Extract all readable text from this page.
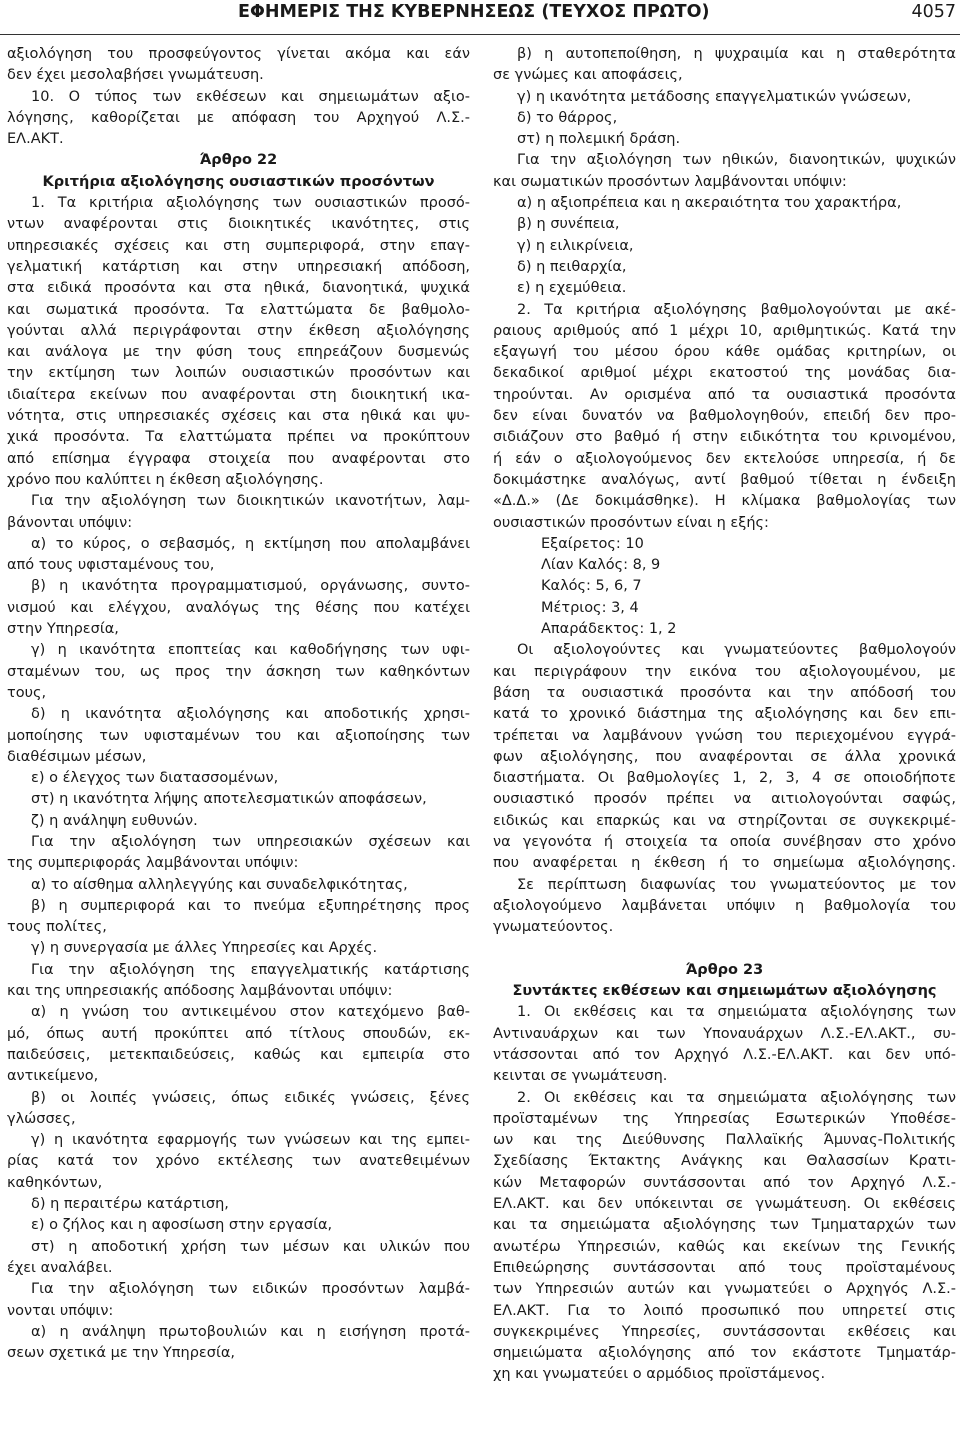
ΕΦΗΜΕΡΙΣ ΤΗΣ ΚΥΒΕΡΝΗΣΕΩΣ (ΤΕΥΧΟΣ ΠΡΩΤΟ)	4057
αξιολόγηση του προσφεύγοντος γίνεται ακόμα και εάν
δεν έχει μεσολαβήσει γνωμάτευση.
10. Ο τύπος των εκθέσεων και σημειωμάτων αξιο-
λόγησης, καθορίζεται με απόφαση του Αρχηγού Λ.Σ.-
ΕΛ.ΑΚΤ.
Άρθρο 22
Κριτήρια αξιολόγησης ουσιαστικών προσόντων
1. Τα κριτήρια αξιολόγησης των ουσιαστικών προσό-
ντων αναφέρονται στις διοικητικές ικανότητες, στις
υπηρεσιακές σχέσεις και στη συμπεριφορά, στην επαγ-
γελματική κατάρτιση και στην υπηρεσιακή απόδοση,
στα ειδικά προσόντα και στα ηθικά, διανοητικά, ψυχικά
και σωματικά προσόντα. Τα ελαττώματα δε βαθμολο-
γούνται αλλά περιγράφονται στην έκθεση αξιολόγησης
και ανάλογα με την φύση τους επηρεάζουν δυσμενώς
την εκτίμηση των λοιπών ουσιαστικών προσόντων και
ιδιαίτερα εκείνων που αναφέρονται στη διοικητική ικα-
νότητα, στις υπηρεσιακές σχέσεις και στα ηθικά και ψυ-
χικά προσόντα. Τα ελαττώματα πρέπει να προκύπτουν
από επίσημα έγγραφα στοιχεία που αναφέρονται στο
χρόνο που καλύπτει η έκθεση αξιολόγησης.
Για την αξιολόγηση των διοικητικών ικανοτήτων, λαμ-
βάνονται υπόψιν:
α) το κύρος, ο σεβασμός, η εκτίμηση που απολαμβάνει
από τους υφισταμένους του,
β) η ικανότητα προγραμματισμού, οργάνωσης, συντο-
νισμού και ελέγχου, αναλόγως της θέσης που κατέχει
στην Υπηρεσία,
γ) η ικανότητα εποπτείας και καθοδήγησης των υφι-
σταμένων του, ως προς την άσκηση των καθηκόντων
τους,
δ) η ικανότητα αξιολόγησης και αποδοτικής χρησι-
μοποίησης των υφισταμένων του και αξιοποίησης των
διαθέσιμων μέσων,
ε) ο έλεγχος των διατασσομένων,
στ) η ικανότητα λήψης αποτελεσματικών αποφάσεων,
ζ) η ανάληψη ευθυνών.
Για την αξιολόγηση των υπηρεσιακών σχέσεων και
της συμπεριφοράς λαμβάνονται υπόψιν:
α) το αίσθημα αλληλεγγύης και συναδελφικότητας,
β) η συμπεριφορά και το πνεύμα εξυπηρέτησης προς
τους πολίτες,
γ) η συνεργασία με άλλες Υπηρεσίες και Αρχές.
Για την αξιολόγηση της επαγγελματικής κατάρτισης
και της υπηρεσιακής απόδοσης λαμβάνονται υπόψιν:
α) η γνώση του αντικειμένου στον κατεχόμενο βαθ-
μό, όπως αυτή προκύπτει από τίτλους σπουδών, εκ-
παιδεύσεις, μετεκπαιδεύσεις, καθώς και εμπειρία στο
αντικείμενο,
β) οι λοιπές γνώσεις, όπως ειδικές γνώσεις, ξένες
γλώσσες,
γ) η ικανότητα εφαρμογής των γνώσεων και της εμπει-
ρίας κατά τον χρόνο εκτέλεσης των ανατεθειμένων
καθηκόντων,
δ) η περαιτέρω κατάρτιση,
ε) ο ζήλος και η αφοσίωση στην εργασία,
στ) η αποδοτική χρήση των μέσων και υλικών που
έχει αναλάβει.
Για την αξιολόγηση των ειδικών προσόντων λαμβά-
νονται υπόψιν:
α) η ανάληψη πρωτοβουλιών και η εισήγηση προτά-
σεων σχετικά με την Υπηρεσία,
β) η αυτοπεποίθηση, η ψυχραιμία και η σταθερότητα
σε γνώμες και αποφάσεις,
γ) η ικανότητα μετάδοσης επαγγελματικών γνώσεων,
δ) το θάρρος,
στ) η πολεμική δράση.
Για την αξιολόγηση των ηθικών, διανοητικών, ψυχικών
και σωματικών προσόντων λαμβάνονται υπόψιν:
α) η αξιοπρέπεια και η ακεραιότητα του χαρακτήρα,
β) η συνέπεια,
γ) η ειλικρίνεια,
δ) η πειθαρχία,
ε) η εχεμύθεια.
2. Τα κριτήρια αξιολόγησης βαθμολογούνται με ακέ-
ραιους αριθμούς από 1 μέχρι 10, αριθμητικώς. Κατά την
εξαγωγή του μέσου όρου κάθε ομάδας κριτηρίων, οι
δεκαδικοί αριθμοί μέχρι εκατοστού της μονάδας δια-
τηρούνται. Αν ορισμένα από τα ουσιαστικά προσόντα
δεν είναι δυνατόν να βαθμολογηθούν, επειδή δεν προ-
σιδιάζουν στο βαθμό ή στην ειδικότητα του κρινομένου,
ή εάν ο αξιολογούμενος δεν εκτελούσε υπηρεσία, ή δε
δοκιμάστηκε αναλόγως, αντί βαθμού τίθεται η ένδειξη
«Δ.Δ.» (Δε δοκιμάσθηκε). Η κλίμακα βαθμολογίας των
ουσιαστικών προσόντων είναι η εξής:
Εξαίρετος: 10
Λίαν Καλός: 8, 9
Καλός: 5, 6, 7
Μέτριος: 3, 4
Απαράδεκτος: 1, 2
Οι αξιολογούντες και γνωματεύοντες βαθμολογούν
και περιγράφουν την εικόνα του αξιολογουμένου, με
βάση τα ουσιαστικά προσόντα και την απόδοσή του
κατά το χρονικό διάστημα της αξιολόγησης και δεν επι-
τρέπεται να λαμβάνουν γνώση του περιεχομένου εγγρά-
φων αξιολόγησης, που αναφέρονται σε άλλα χρονικά
διαστήματα. Οι βαθμολογίες 1, 2, 3, 4 σε οποιοδήποτε
ουσιαστικό προσόν πρέπει να αιτιολογούνται σαφώς,
ειδικώς και επαρκώς και να στηρίζονται σε συγκεκριμέ-
να γεγονότα ή στοιχεία τα οποία συνέβησαν στο χρόνο
που αναφέρεται η έκθεση ή το σημείωμα αξιολόγησης.
Σε περίπτωση διαφωνίας του γνωματεύοντος με τον
αξιολογούμενο λαμβάνεται υπόψιν η βαθμολογία του
γνωματεύοντος.
Άρθρο 23
Συντάκτες εκθέσεων και σημειωμάτων αξιολόγησης
1. Οι εκθέσεις και τα σημειώματα αξιολόγησης των
Αντιναυάρχων και των Υποναυάρχων Λ.Σ.-ΕΛ.ΑΚΤ., συ-
ντάσσονται από τον Αρχηγό Λ.Σ.-ΕΛ.ΑΚΤ. και δεν υπό-
κεινται σε γνωμάτευση.
2. Οι εκθέσεις και τα σημειώματα αξιολόγησης των
προϊσταμένων της Υπηρεσίας Εσωτερικών Υποθέσε-
ων και της Διεύθυνσης Παλλαϊκής Άμυνας-Πολιτικής
Σχεδίασης Έκτακτης Ανάγκης και Θαλασσίων Κρατι-
κών Μεταφορών συντάσσονται από τον Αρχηγό Λ.Σ.-
ΕΛ.ΑΚΤ. και δεν υπόκεινται σε γνωμάτευση. Οι εκθέσεις
και τα σημειώματα αξιολόγησης των Τμηματαρχών των
ανωτέρω Υπηρεσιών, καθώς και εκείνων της Γενικής
Επιθεώρησης συντάσσονται από τους προϊσταμένους
των Υπηρεσιών αυτών και γνωματεύει ο Αρχηγός Λ.Σ.-
ΕΛ.ΑΚΤ. Για το λοιπό προσωπικό που υπηρετεί στις
συγκεκριμένες Υπηρεσίες, συντάσσονται εκθέσεις και
σημειώματα αξιολόγησης από τον εκάστοτε Τμηματάρ-
χη και γνωματεύει ο αρμόδιος προϊστάμενος.
